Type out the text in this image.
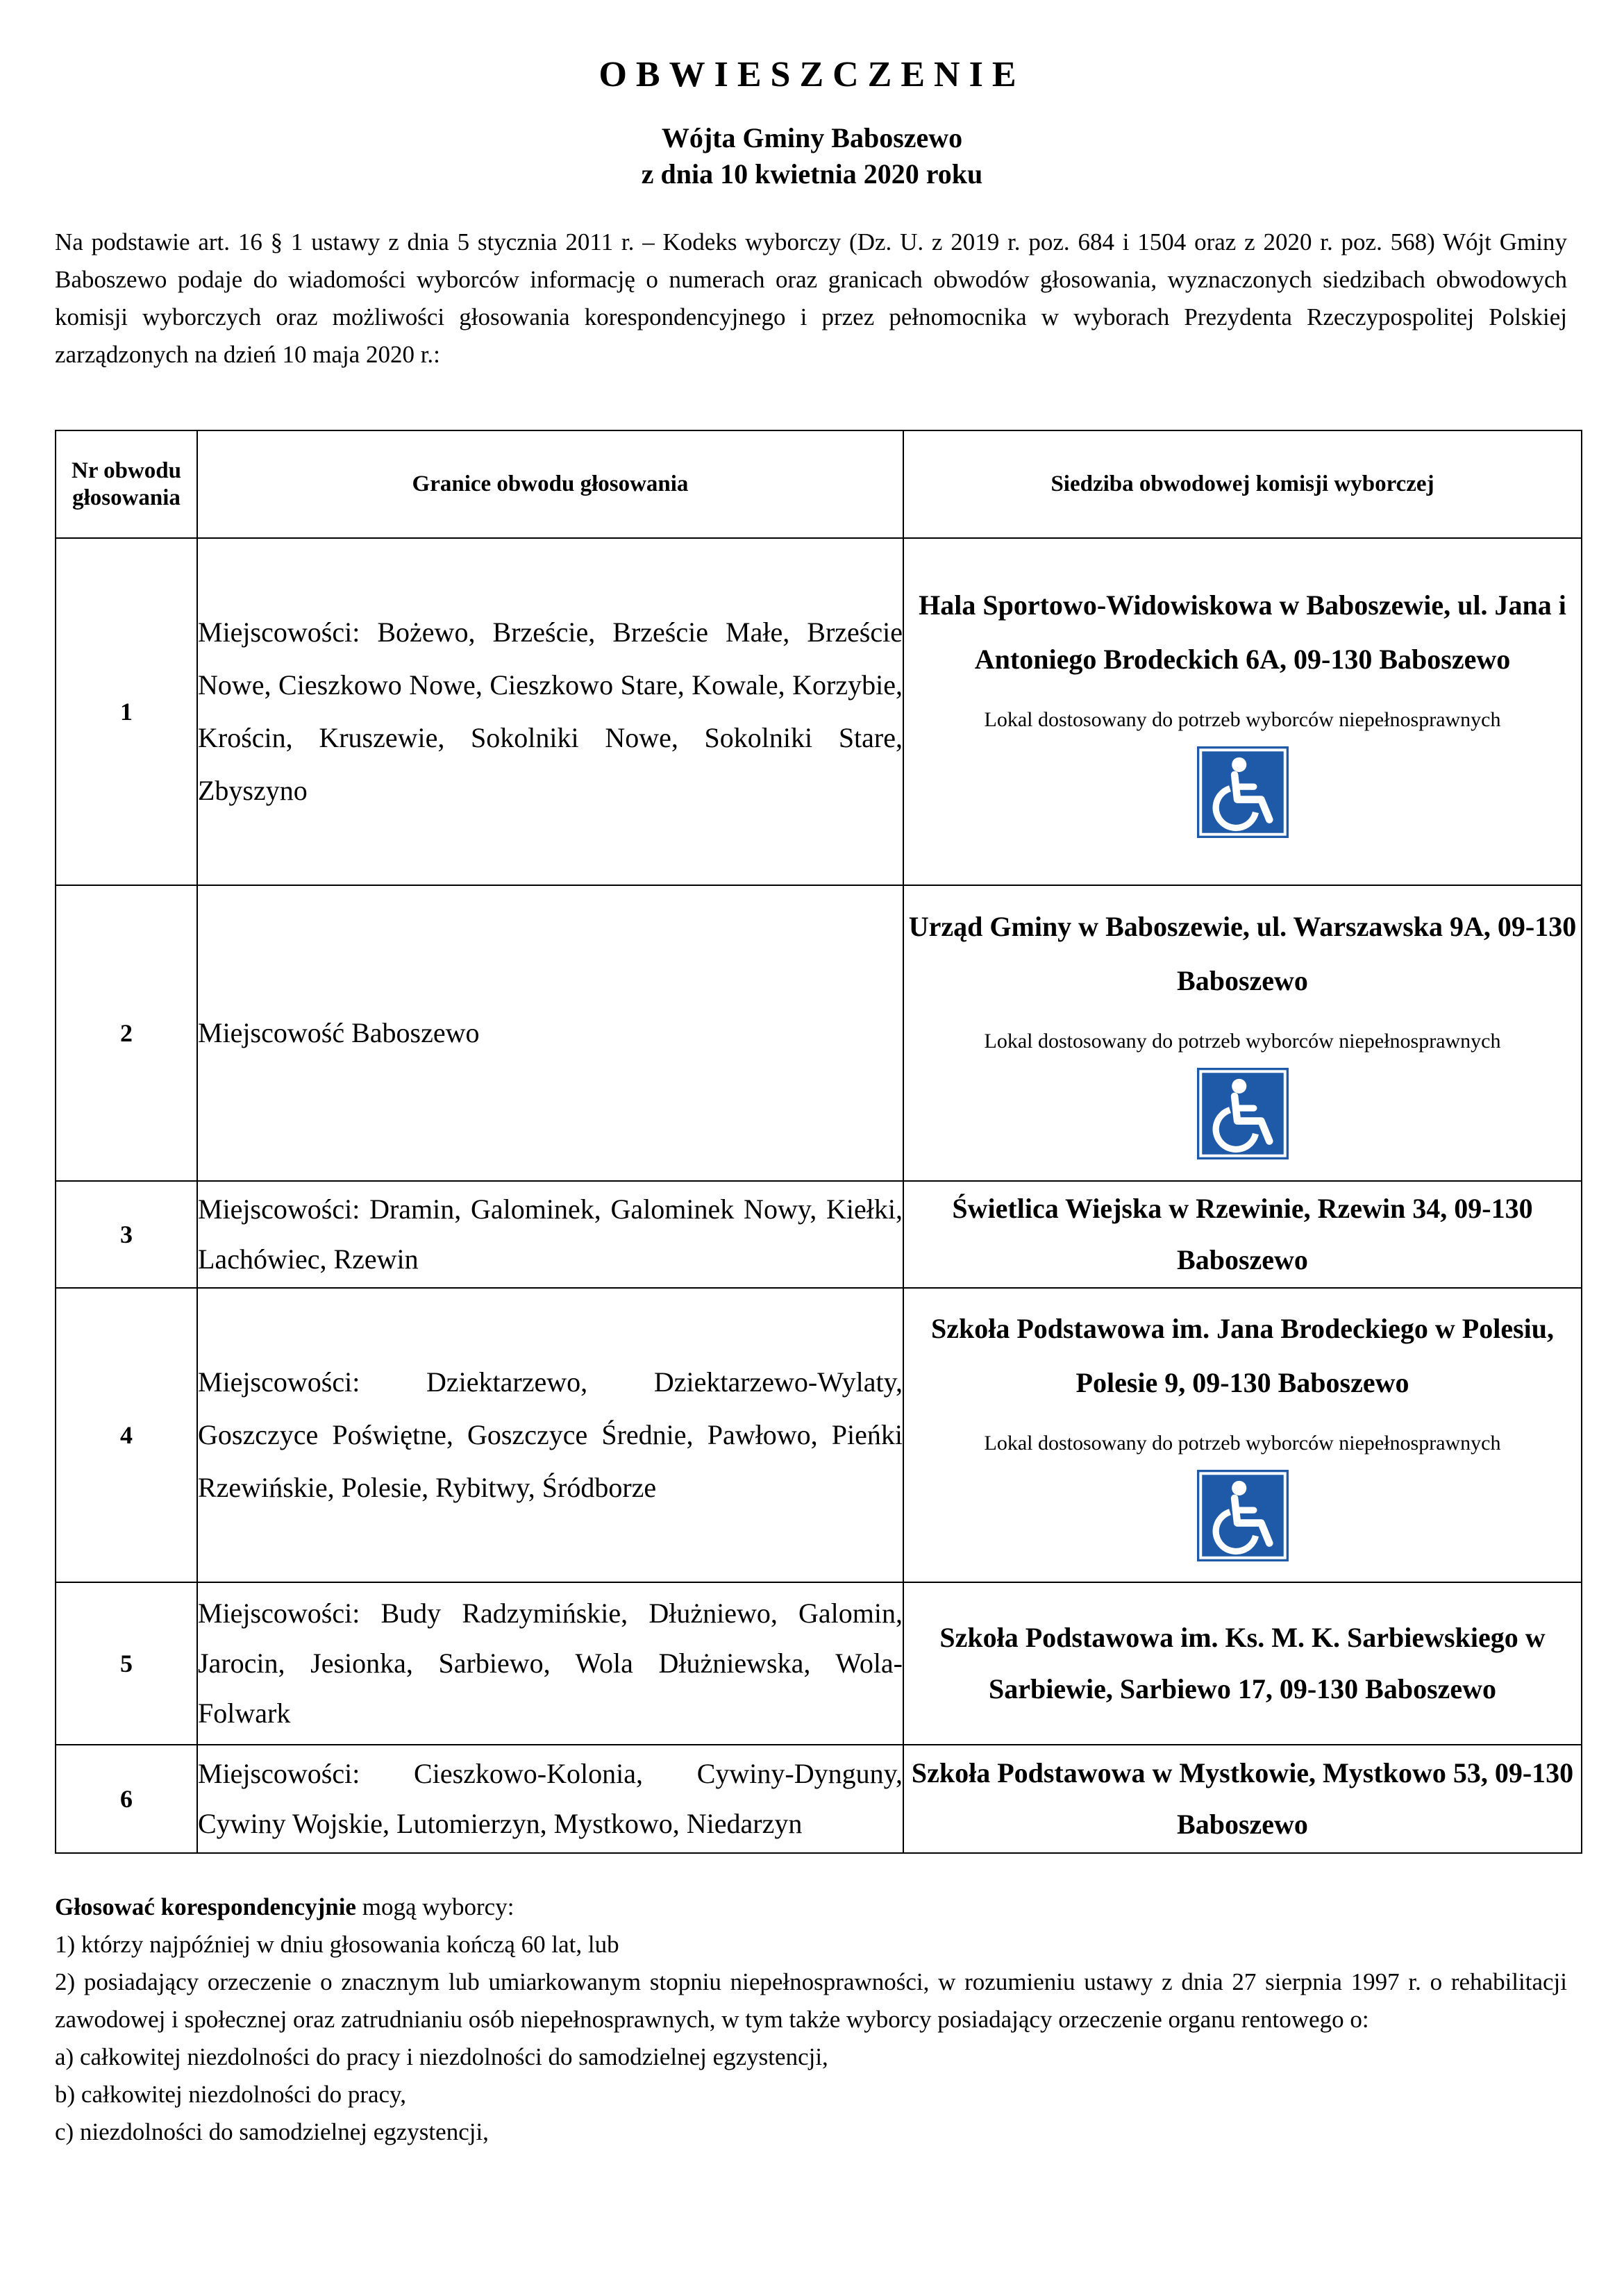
OBWIESZCZENIE
Wójta Gminy Baboszewo
z dnia 10 kwietnia 2020 roku

Na podstawie art. 16 § 1 ustawy z dnia 5 stycznia 2011 r. – Kodeks wyborczy (Dz. U. z 2019 r. poz. 684 i 1504 oraz z 2020 r. poz. 568) Wójt Gminy Baboszewo podaje do wiadomości wyborców informację o numerach oraz granicach obwodów głosowania, wyznaczonych siedzibach obwodowych komisji wyborczych oraz możliwości głosowania korespondencyjnego i przez pełnomocnika w wyborach Prezydenta Rzeczypospolitej Polskiej zarządzonych na dzień 10 maja 2020 r.:

Nr obwodu głosowania	Granice obwodu głosowania	Siedziba obwodowej komisji wyborczej
1	Miejscowości: Bożewo, Brzeście, Brzeście Małe, Brzeście Nowe, Cieszkowo Nowe, Cieszkowo Stare, Kowale, Korzybie, Krościn, Kruszewie, Sokolniki Nowe, Sokolniki Stare, Zbyszyno	Hala Sportowo-Widowiskowa w Baboszewie, ul. Jana i Antoniego Brodeckich 6A, 09-130 Baboszewo
Lokal dostosowany do potrzeb wyborców niepełnosprawnych

2	Miejscowość Baboszewo	Urząd Gminy w Baboszewie, ul. Warszawska 9A, 09-130 Baboszewo
Lokal dostosowany do potrzeb wyborców niepełnosprawnych

3	Miejscowości: Dramin, Galominek, Galominek Nowy, Kiełki, Lachówiec, Rzewin	Świetlica Wiejska w Rzewinie, Rzewin 34, 09-130 Baboszewo

4	Miejscowości: Dziektarzewo, Dziektarzewo-Wylaty, Goszczyce Poświętne, Goszczyce Średnie, Pawłowo, Pieńki Rzewińskie, Polesie, Rybitwy, Śródborze	Szkoła Podstawowa im. Jana Brodeckiego w Polesiu, Polesie 9, 09-130 Baboszewo
Lokal dostosowany do potrzeb wyborców niepełnosprawnych

5	Miejscowości: Budy Radzymińskie, Dłużniewo, Galomin, Jarocin, Jesionka, Sarbiewo, Wola Dłużniewska, Wola-Folwark	Szkoła Podstawowa im. Ks. M. K. Sarbiewskiego w Sarbiewie, Sarbiewo 17, 09-130 Baboszewo

6	Miejscowości: Cieszkowo-Kolonia, Cywiny-Dynguny, Cywiny Wojskie, Lutomierzyn, Mystkowo, Niedarzyn	Szkoła Podstawowa w Mystkowie, Mystkowo 53, 09-130 Baboszewo

Głosować korespondencyjnie mogą wyborcy:

1) którzy najpóźniej w dniu głosowania kończą 60 lat, lub

2) posiadający orzeczenie o znacznym lub umiarkowanym stopniu niepełnosprawności, w rozumieniu ustawy z dnia 27 sierpnia 1997 r. o rehabilitacji zawodowej i społecznej oraz zatrudnianiu osób niepełnosprawnych, w tym także wyborcy posiadający orzeczenie organu rentowego o:

a) całkowitej niezdolności do pracy i niezdolności do samodzielnej egzystencji,

b) całkowitej niezdolności do pracy,

c) niezdolności do samodzielnej egzystencji,
